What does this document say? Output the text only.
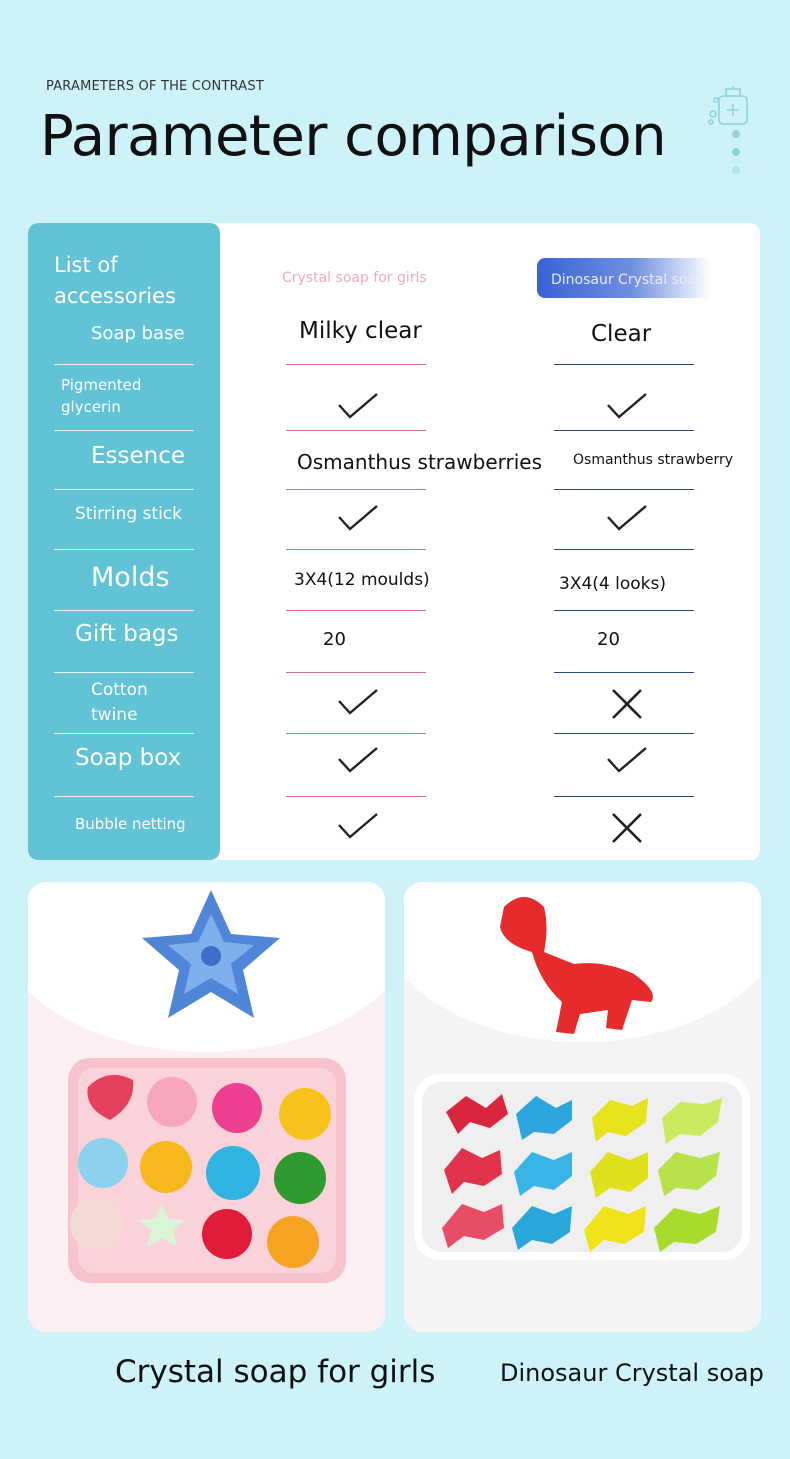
PARAMETERS OF THE CONTRAST
Parameter comparison
List of accessories
Crystal soap for girls	Dinosaur Crystal soap
Soap base
Pigmented glycerin
Essence
Stirring stick
Molds
Gift bags
Cotton twine
Soap box
Bubble netting
Milky clear
Osmanthus strawberries
3X4(12 moulds)
20
Clear
Osmanthus strawberry
3X4(4 looks)
20
Crystal soap for girls	Dinosaur Crystal soap
